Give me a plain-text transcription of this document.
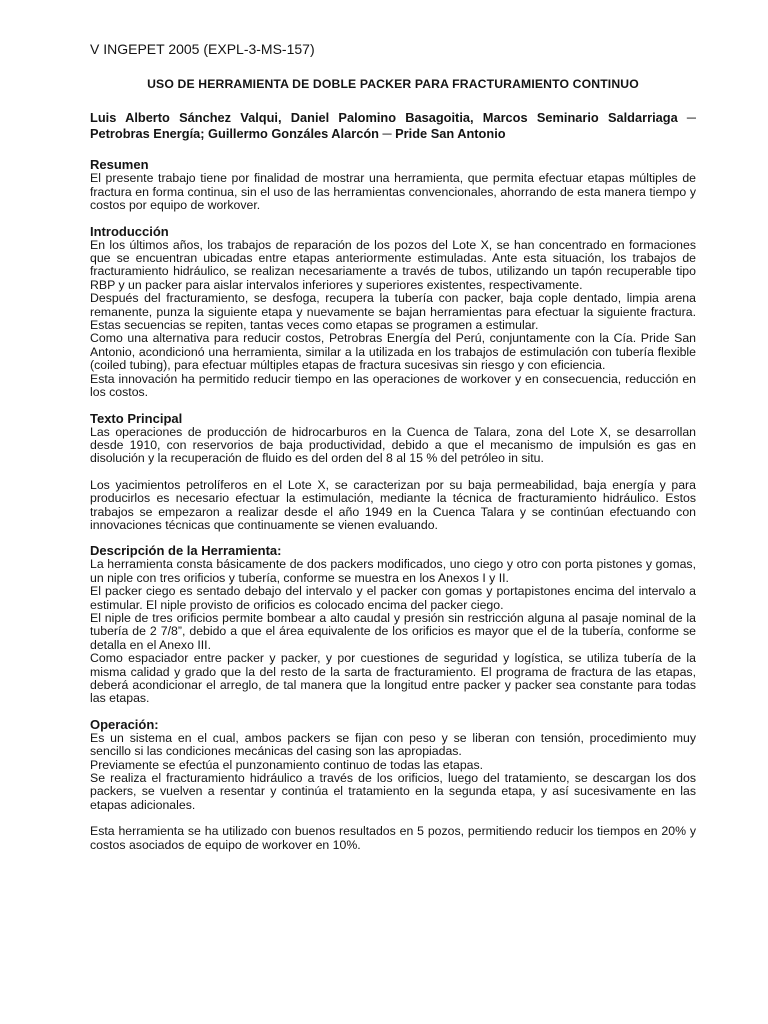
V INGEPET 2005 (EXPL-3-MS-157)
USO DE HERRAMIENTA DE DOBLE PACKER PARA FRACTURAMIENTO CONTINUO
Luis Alberto Sánchez Valqui, Daniel Palomino Basagoitia, Marcos Seminario Saldarriaga ─ Petrobras Energía; Guillermo Gonzáles Alarcón ─ Pride San Antonio
Resumen

El presente trabajo tiene por finalidad de mostrar una herramienta, que permita efectuar etapas múltiples de fractura en forma continua, sin el uso de las herramientas convencionales, ahorrando de esta manera tiempo y costos por equipo de workover.

Introducción

En los últimos años, los trabajos de reparación de los pozos del Lote X, se han concentrado en formaciones que se encuentran ubicadas entre etapas anteriormente estimuladas. Ante esta situación, los trabajos de fracturamiento hidráulico, se realizan necesariamente a través de tubos, utilizando un tapón recuperable tipo RBP y un packer para aislar intervalos inferiores y superiores existentes, respectivamente.

Después del fracturamiento, se desfoga, recupera la tubería con packer, baja cople dentado, limpia arena remanente, punza la siguiente etapa y nuevamente se bajan herramientas para efectuar la siguiente fractura. Estas secuencias se repiten, tantas veces como etapas se programen a estimular.

Como una alternativa para reducir costos, Petrobras Energía del Perú, conjuntamente con la Cía. Pride San Antonio, acondicionó una herramienta, similar a la utilizada en los trabajos de estimulación con tubería flexible (coiled tubing), para efectuar múltiples etapas de fractura sucesivas sin riesgo y con eficiencia.

Esta innovación ha permitido reducir tiempo en las operaciones de workover y en consecuencia, reducción en los costos.

Texto Principal

Las operaciones de producción de hidrocarburos en la Cuenca de Talara, zona del Lote X, se desarrollan desde 1910, con reservorios de baja productividad, debido a que el mecanismo de impulsión es gas en disolución y la recuperación de fluido es del orden del 8 al 15 % del petróleo in situ.

Los yacimientos petrolíferos en el Lote X, se caracterizan por su baja permeabilidad, baja energía y para producirlos es necesario efectuar la estimulación, mediante la técnica de fracturamiento hidráulico. Estos trabajos se empezaron a realizar desde el año 1949 en la Cuenca Talara y se continúan efectuando con innovaciones técnicas que continuamente se vienen evaluando.

Descripción de la Herramienta:

La herramienta consta básicamente de dos packers modificados, uno ciego y otro con porta pistones y gomas, un niple con tres orificios y tubería, conforme se muestra en los Anexos I y II.

El packer ciego es sentado debajo del intervalo y el packer con gomas y portapistones encima del intervalo a estimular. El niple provisto de orificios es colocado encima del packer ciego.

El niple de tres orificios permite bombear a alto caudal y presión sin restricción alguna al pasaje nominal de la tubería de 2 7/8”, debido a que el área equivalente de los orificios es mayor que el de la tubería, conforme se detalla en el Anexo III.

Como espaciador entre packer y packer, y por cuestiones de seguridad y logística, se utiliza tubería de la misma calidad y grado que la del resto de la sarta de fracturamiento. El programa de fractura de las etapas, deberá acondicionar el arreglo, de tal manera que la longitud entre packer y packer sea constante para todas las etapas.

Operación:

Es un sistema en el cual, ambos packers se fijan con peso y se liberan con tensión, procedimiento muy sencillo si las condiciones mecánicas del casing son las apropiadas.

Previamente se efectúa el punzonamiento continuo de todas las etapas.

Se realiza el fracturamiento hidráulico a través de los orificios, luego del tratamiento, se descargan los dos packers, se vuelven a resentar y continúa el tratamiento en la segunda etapa, y así sucesivamente en las etapas adicionales.

Esta herramienta se ha utilizado con buenos resultados en 5 pozos, permitiendo reducir los tiempos en 20% y costos asociados de equipo de workover en 10%.
